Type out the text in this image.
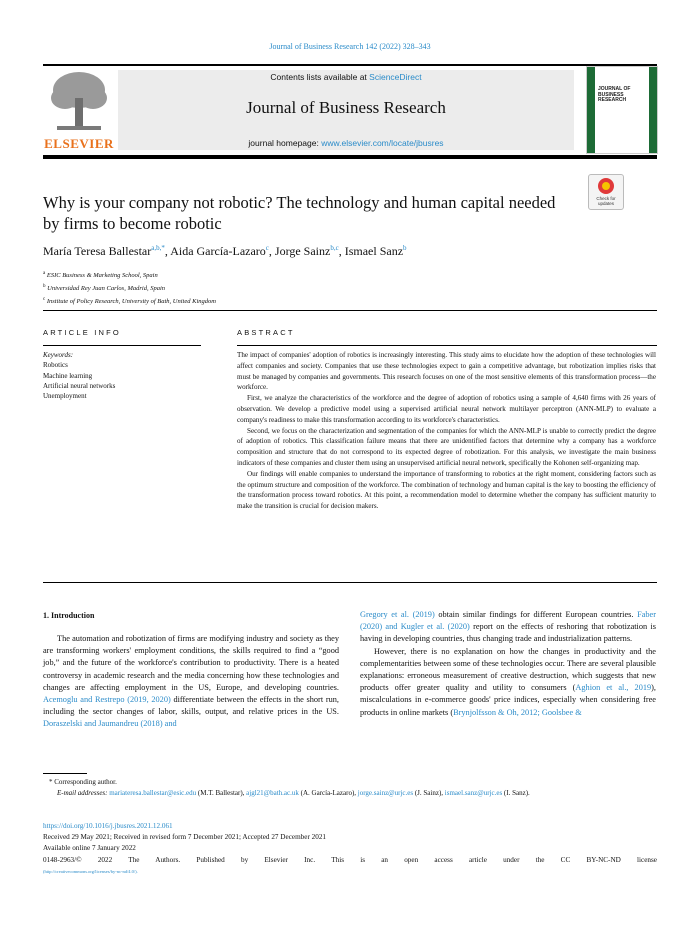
Journal of Business Research 142 (2022) 328–343
ELSEVIER
Contents lists available at ScienceDirect
Journal of Business Research
journal homepage: www.elsevier.com/locate/jbusres
JOURNAL OF BUSINESS RESEARCH
Check for
updates
Why is your company not robotic? The technology and human capital needed by firms to become robotic
María Teresa Ballestar$^{a,b,*}$, Aida García-Lazaro$^c$, Jorge Sainz$^{b,c}$, Ismael Sanz$^b$
$^a$ ESIC Business & Marketing School, Spain
$^b$ Universidad Rey Juan Carlos, Madrid, Spain
$^c$ Institute of Policy Research, University of Bath, United Kingdom
ARTICLE INFO	ABSTRACT
Keywords:
Robotics
Machine learning
Artificial neural networks
Unemployment

The impact of companies' adoption of robotics is increasingly interesting. This study aims to elucidate how the adoption of these technologies will affect companies and society. Companies that use these technologies expect to gain a competitive advantage, but robotization implies risks that must be managed by companies and governments. This research focuses on one of the most sensitive elements of this transformation process—the workforce.

First, we analyze the characteristics of the workforce and the degree of adoption of robotics using a sample of 4,640 firms with 26 years of observation. We develop a predictive model using a supervised artificial neural network multilayer perceptron (ANN-MLP) to evaluate a company's readiness to make this transformation according to its workforce's characteristics.

Second, we focus on the characterization and segmentation of the companies for which the ANN-MLP is unable to correctly predict the degree of adoption of robotics. This classification failure means that there are unidentified factors that determine why a company has a workforce composition and structure that do not correspond to its expected degree of robotization. For this analysis, we investigate the main business indicators of these companies and cluster them using an unsupervised artificial neural network, specifically the Kohonen self-organizing map.

Our findings will enable companies to understand the importance of transforming to robotics at the right moment, considering factors such as the optimum structure and composition of the workforce. The combination of technology and human capital is the key to boosting the efficiency of the transformation process toward robotics. At this point, a recommendation model to determine whether the company has sufficient maturity to make the transition is crucial for decision makers.

1. Introduction

The automation and robotization of firms are modifying industry and society as they are transforming workers' employment conditions, the skills required to find a “good job,” and the future of the workforce's contribution to productivity. There is a heated controversy in academic research and the media concerning how these technologies and changes are affecting employment in the US, Europe, and developing countries. Acemoglu and Restrepo (2019, 2020) differentiate between the effects in the short run, including the sector changes of labor, skills, output, and relative prices in the US. Doraszelski and Jaumandreu (2018) and

Gregory et al. (2019) obtain similar findings for different European countries. Faber (2020) and Kugler et al. (2020) report on the effects of reshoring that robotization is having in developing countries, thus changing trade and industrialization patterns.

However, there is no explanation on how the changes in productivity and the complementarities between some of these technologies occur. There are several plausible explanations: erroneous measurement of creative destruction, which suggests that new products offer greater quality and utility to consumers (Aghion et al., 2019), miscalculations in e-commerce goods' price indices, especially when considering free products in online markets (Brynjolfsson & Oh, 2012; Goolsbee &

* Corresponding author.
E-mail addresses: mariateresa.ballestar@esic.edu (M.T. Ballestar), ajgl21@bath.ac.uk (A. García-Lazaro), jorge.sainz@urjc.es (J. Sainz), ismael.sanz@urjc.es (I. Sanz).
https://doi.org/10.1016/j.jbusres.2021.12.061
Received 29 May 2021; Received in revised form 7 December 2021; Accepted 27 December 2021
Available online 7 January 2022
0148-2963/© 2022 The Authors. Published by Elsevier Inc. This is an open access article under the CC BY-NC-ND license
(http://creativecommons.org/licenses/by-nc-nd/4.0/).
